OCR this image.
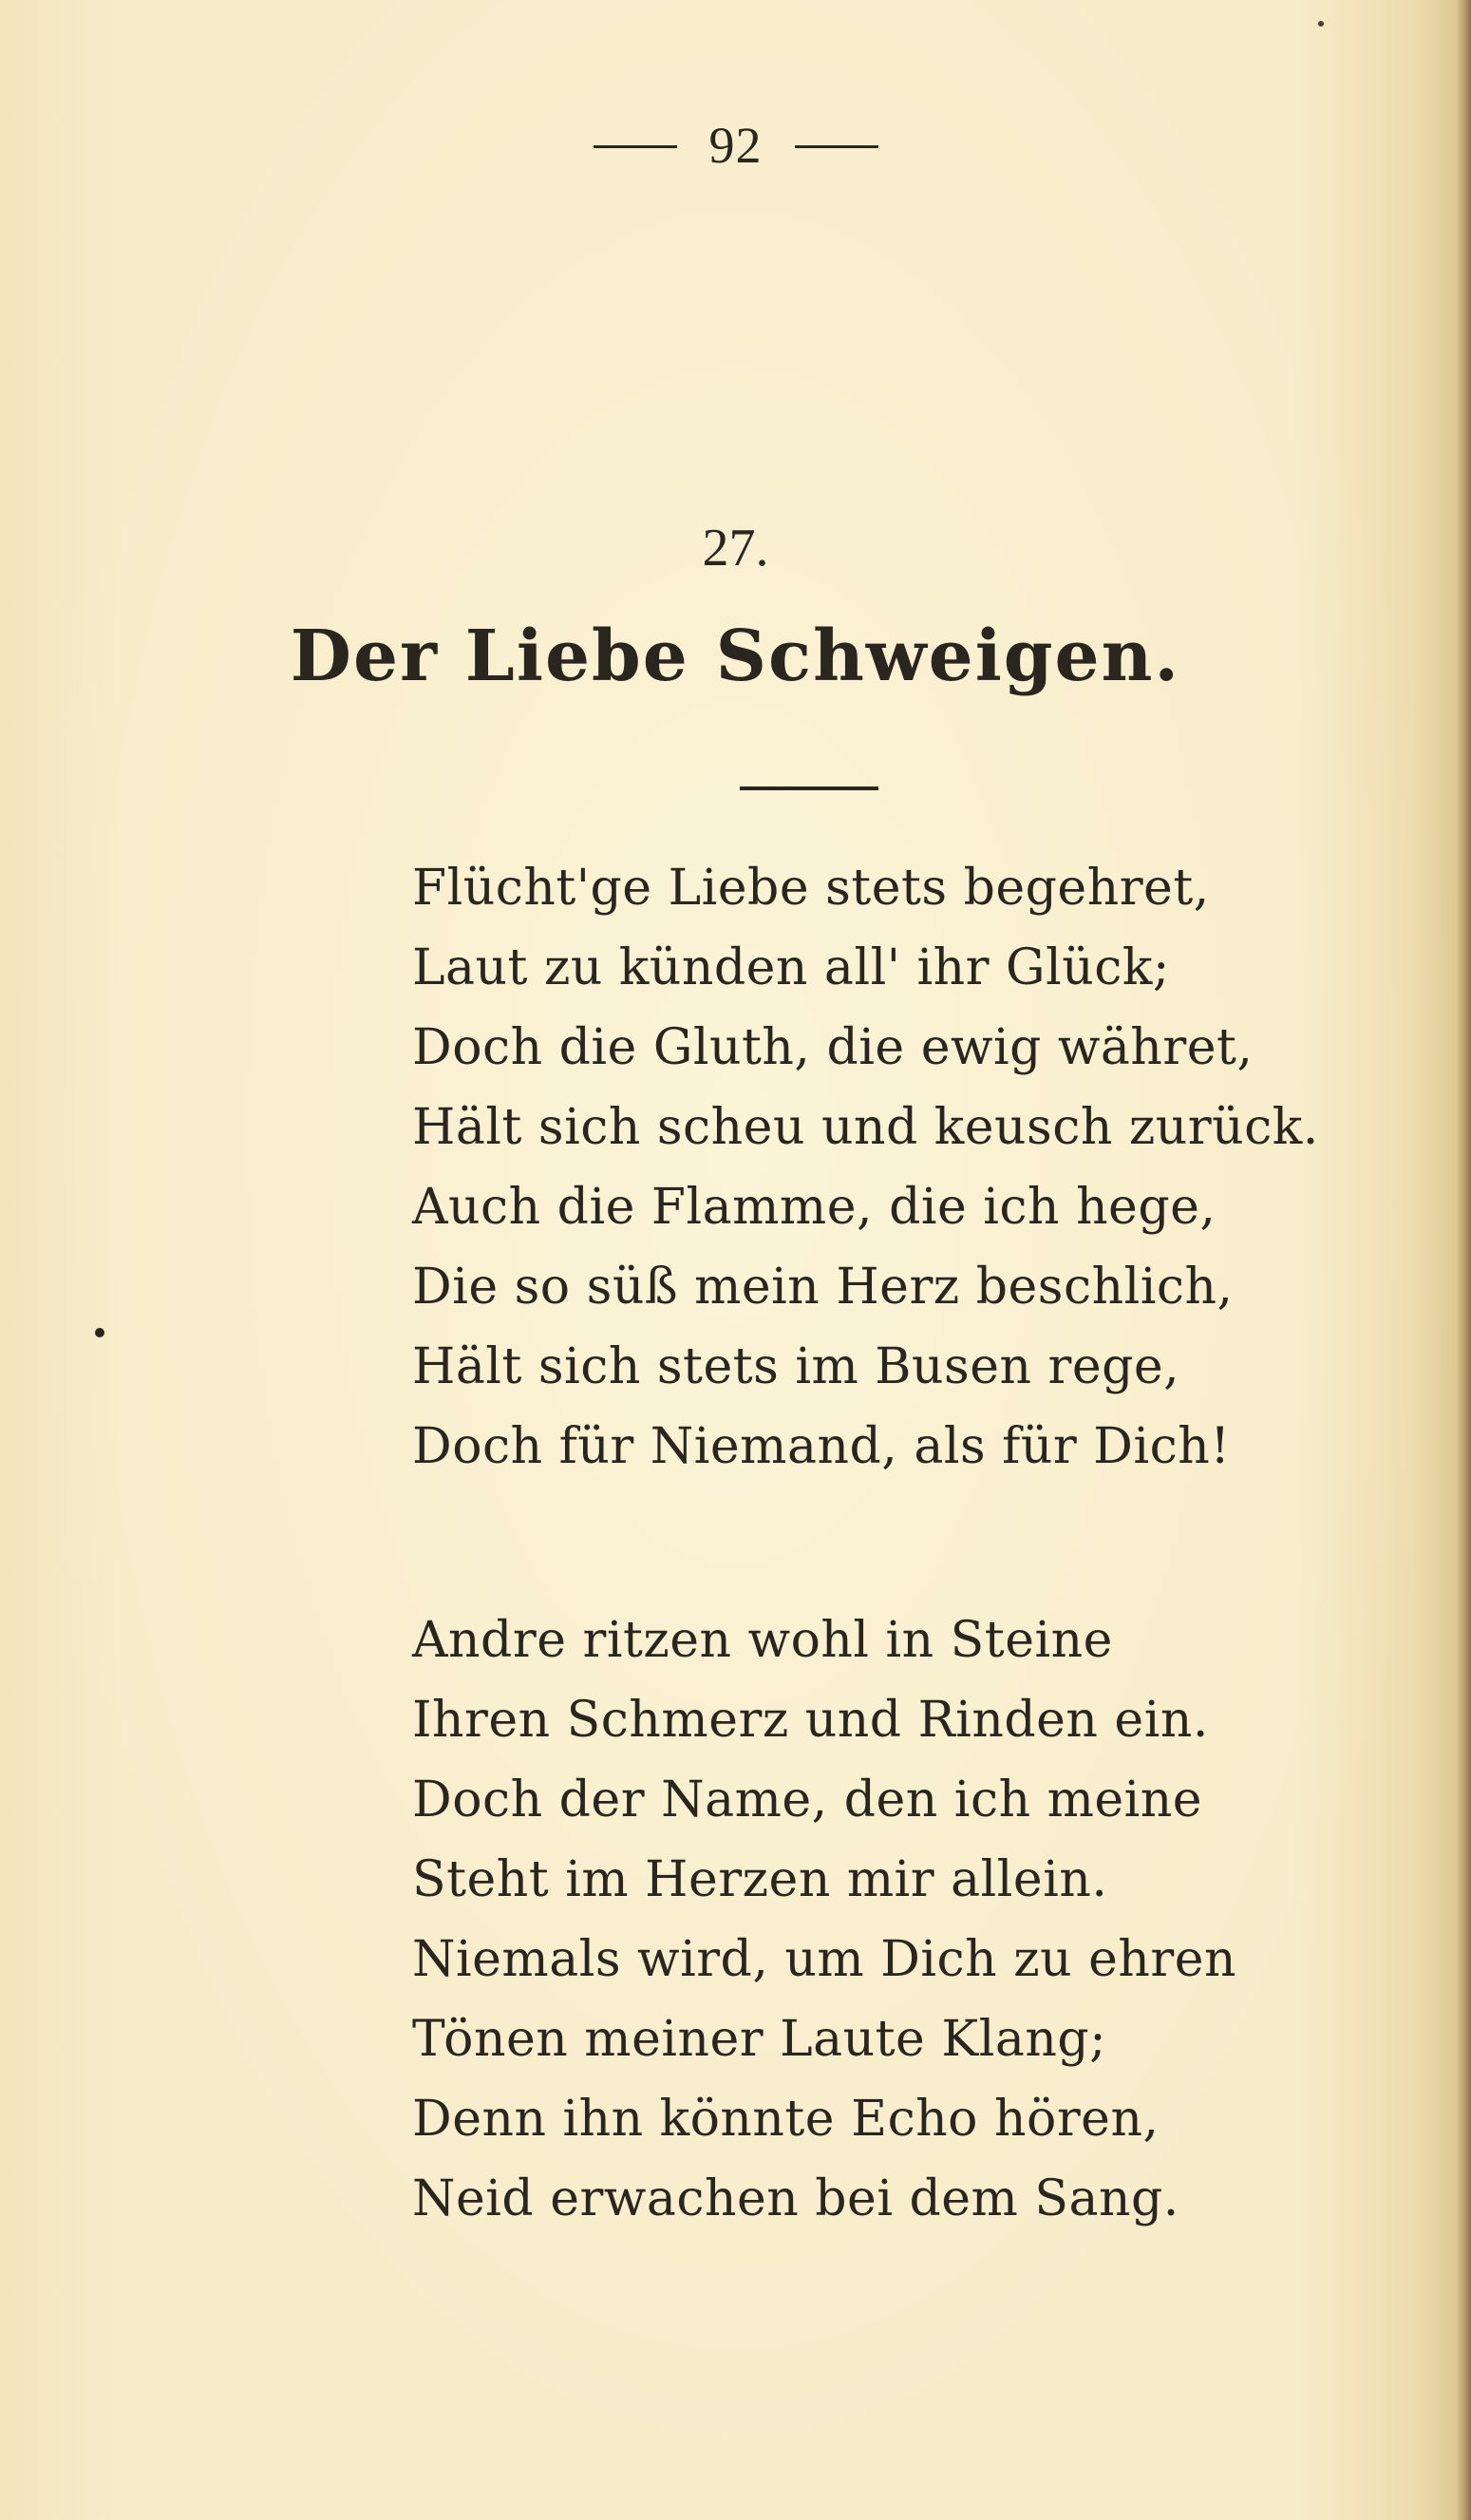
92
27.
Der Liebe Schweigen.
Flücht'ge Liebe stets begehret,
Laut zu künden all' ihr Glück;
Doch die Gluth, die ewig währet,
Hält sich scheu und keusch zurück.
Auch die Flamme, die ich hege,
Die so süß mein Herz beschlich,
Hält sich stets im Busen rege,
Doch für Niemand, als für Dich!
Andre ritzen wohl in Steine
Ihren Schmerz und Rinden ein.
Doch der Name, den ich meine
Steht im Herzen mir allein.
Niemals wird, um Dich zu ehren
Tönen meiner Laute Klang;
Denn ihn könnte Echo hören,
Neid erwachen bei dem Sang.
